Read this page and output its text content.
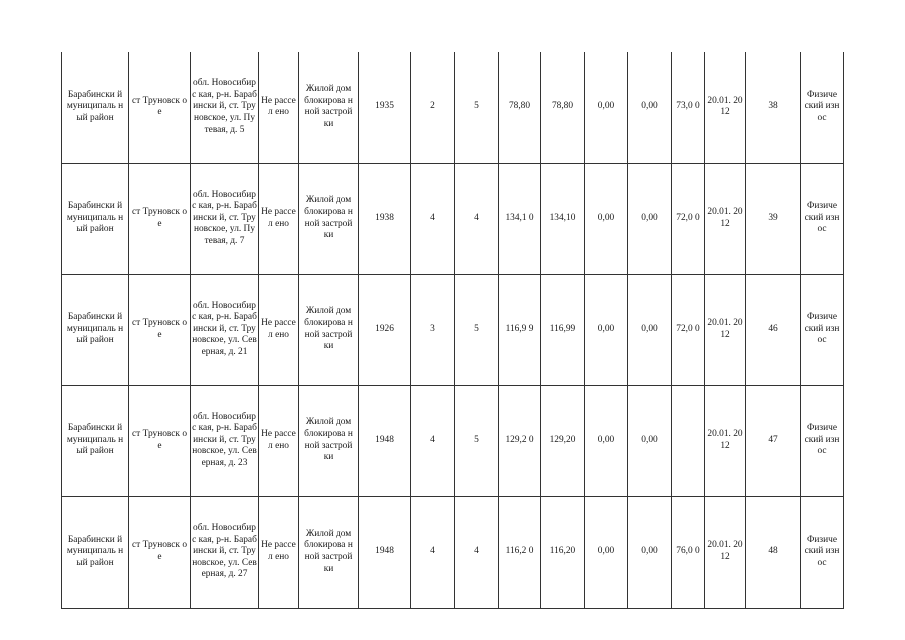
Барабински й муниципаль ный район	ст Труновск ое	обл. Новосибирс кая, р-н. Барабински й, ст. Труновское, ул. Путевая, д. 5	Не рассел ено	Жилой дом блокирова нной застройки	1935	2	5	78,80	78,80	0,00	0,00	73,0 0	20.01. 2012	38	Физиче ский износ
Барабински й муниципаль ный район	ст Труновск ое	обл. Новосибирс кая, р-н. Барабински й, ст. Труновское, ул. Путевая, д. 7	Не рассел ено	Жилой дом блокирова нной застройки	1938	4	4	134,1 0	134,10	0,00	0,00	72,0 0	20.01. 2012	39	Физиче ский износ
Барабински й муниципаль ный район	ст Труновск ое	обл. Новосибирс кая, р-н. Барабински й, ст. Труновское, ул. Северная, д. 21	Не рассел ено	Жилой дом блокирова нной застройки	1926	3	5	116,9 9	116,99	0,00	0,00	72,0 0	20.01. 2012	46	Физиче ский износ
Барабински й муниципаль ный район	ст Труновск ое	обл. Новосибирс кая, р-н. Барабински й, ст. Труновское, ул. Северная, д. 23	Не рассел ено	Жилой дом блокирова нной застройки	1948	4	5	129,2 0	129,20	0,00	0,00		20.01. 2012	47	Физиче ский износ
Барабински й муниципаль ный район	ст Труновск ое	обл. Новосибирс кая, р-н. Барабински й, ст. Труновское, ул. Северная, д. 27	Не рассел ено	Жилой дом блокирова нной застройки	1948	4	4	116,2 0	116,20	0,00	0,00	76,0 0	20.01. 2012	48	Физиче ский износ
